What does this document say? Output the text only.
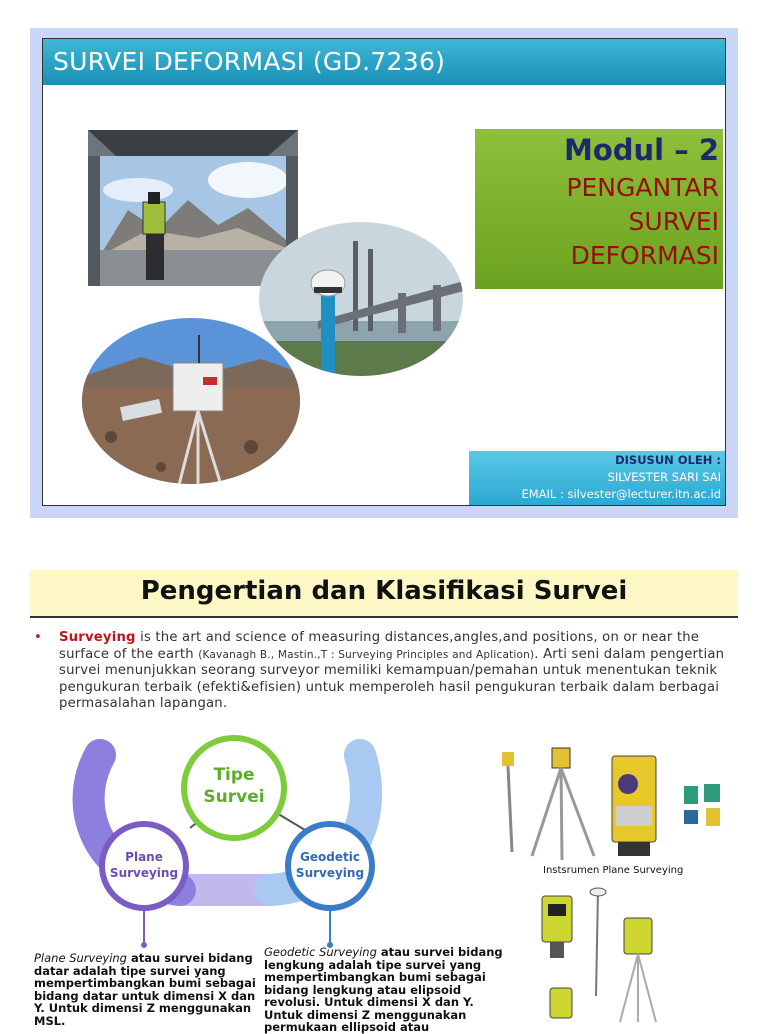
SURVEI DEFORMASI (GD.7236)
Modul – 2
PENGANTAR
SURVEI
DEFORMASI
DISUSUN OLEH :
SILVESTER SARI SAI
EMAIL : silvester@lecturer.itn.ac.id
Pengertian dan Klasifikasi Survei
• Surveying is the art and science of measuring distances,angles,and positions, on or near the surface of the earth (Kavanagh B., Mastin.,T : Surveying Principles and Aplication). Arti seni dalam pengertian survei menunjukkan seorang surveyor memiliki kemampuan/pemahan untuk menentukan teknik pengukuran terbaik (efekti&efisien) untuk memperoleh hasil pengukuran terbaik dalam berbagai permasalahan lapangan.
Tipe
Survei
Plane
Surveying
Geodetic
Surveying
Plane Surveying atau survei bidang datar adalah tipe survei yang mempertimbangkan bumi sebagai bidang datar untuk dimensi X dan Y. Untuk dimensi Z menggunakan MSL.
Geodetic Surveying atau survei bidang lengkung adalah tipe survei yang mempertimbangkan bumi sebagai bidang lengkung atau elipsoid revolusi. Untuk dimensi X dan Y. Untuk dimensi Z menggunakan permukaan ellipsoid atau
Instsrumen Plane Surveying
